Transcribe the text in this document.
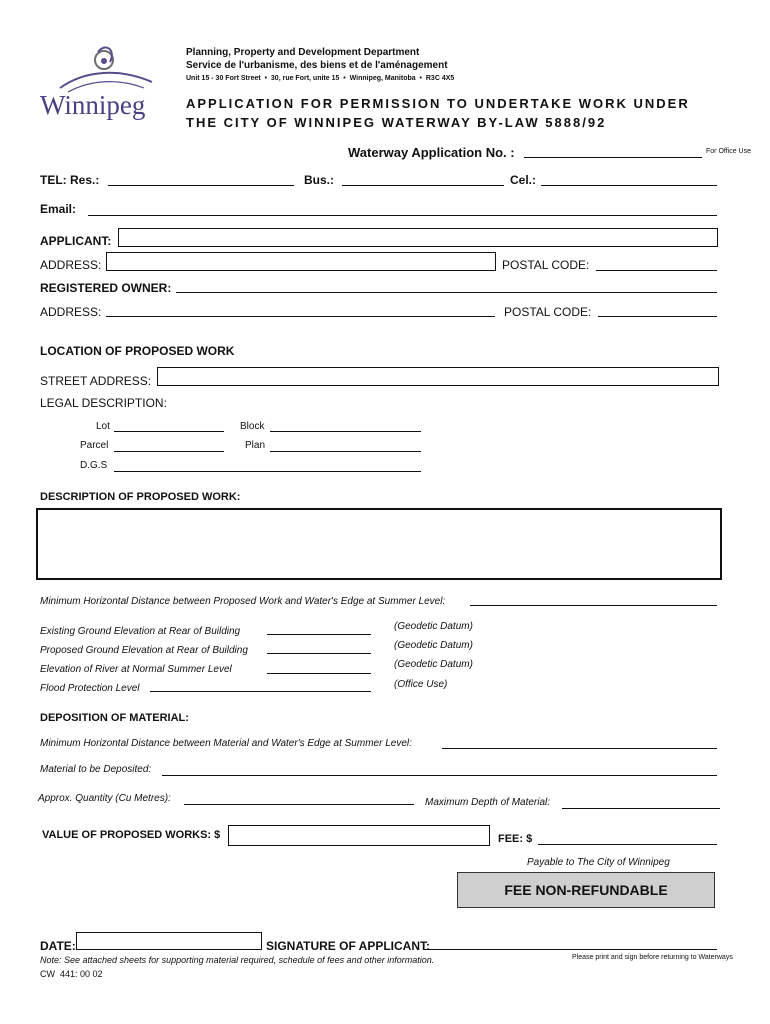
Winnipeg
Planning, Property and Development Department
Service de l'urbanisme, des biens et de l'aménagement
Unit 15 - 30 Fort Street  •  30, rue Fort, unite 15  •  Winnipeg, Manitoba  •  R3C 4X5
APPLICATION FOR PERMISSION TO UNDERTAKE WORK UNDER
THE CITY OF WINNIPEG WATERWAY BY-LAW 5888/92
Waterway Application No. :	For Office Use
TEL: Res.:	Bus.:	Cel.:
Email:
APPLICANT:
ADDRESS:	POSTAL CODE:
REGISTERED OWNER:
ADDRESS:	POSTAL CODE:
LOCATION OF PROPOSED WORK
STREET ADDRESS:
LEGAL DESCRIPTION:
Lot	Block
Parcel	Plan
D.G.S
DESCRIPTION OF PROPOSED WORK:
Minimum Horizontal Distance between Proposed Work and Water's Edge at Summer Level:
Existing Ground Elevation at Rear of Building	(Geodetic Datum)
Proposed Ground Elevation at Rear of Building	(Geodetic Datum)
Elevation of River at Normal Summer Level	(Geodetic Datum)
Flood Protection Level	(Office Use)
DEPOSITION OF MATERIAL:
Minimum Horizontal Distance between Material and Water's Edge at Summer Level:
Material to be Deposited:
Approx. Quantity (Cu Metres):	Maximum Depth of Material:
VALUE OF PROPOSED WORKS: $	FEE: $
Payable to The City of Winnipeg
FEE NON-REFUNDABLE
DATE:	SIGNATURE OF APPLICANT:
Note: See attached sheets for supporting material required, schedule of fees and other information.	Please print and sign before returning to Waterways
CW  441: 00 02
